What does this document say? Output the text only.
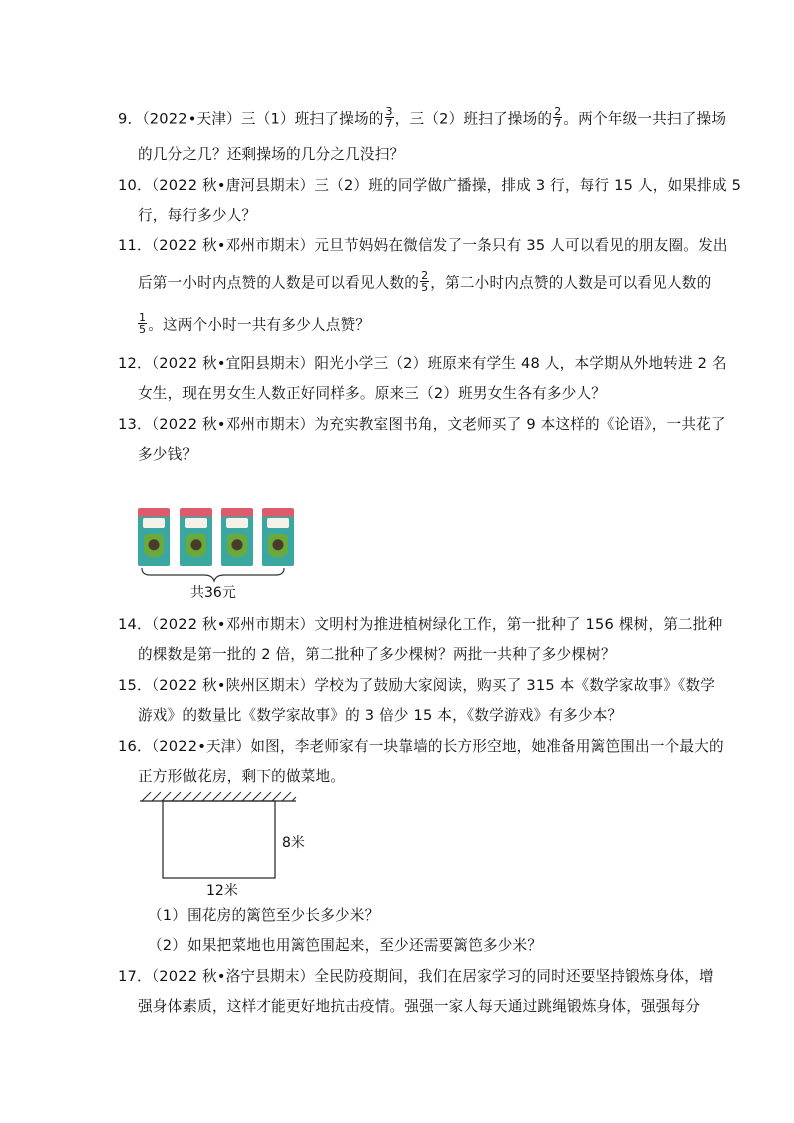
9．（2022•天津）三（1）班扫了操场的 $\frac{3}{7}$ ，三（2）班扫了操场的 $\frac{2}{7}$ 。两个年级一共扫了操场
的几分之几？还剩操场的几分之几没扫？
10．（2022 秋•唐河县期末）三（2）班的同学做广播操，排成 3 行，每行 15 人，如果排成 5
行，每行多少人？
11．（2022 秋•邓州市期末）元旦节妈妈在微信发了一条只有 35 人可以看见的朋友圈。发出
后第一小时内点赞的人数是可以看见人数的 $\frac{2}{5}$ ，第二小时内点赞的人数是可以看见人数的
$\frac{1}{5}$ 。这两个小时一共有多少人点赞？
12．（2022 秋•宜阳县期末）阳光小学三（2）班原来有学生 48 人，本学期从外地转进 2 名
女生，现在男女生人数正好同样多。原来三（2）班男女生各有多少人？
13．（2022 秋•邓州市期末）为充实教室图书角，文老师买了 9 本这样的《论语》，一共花了
多少钱？
共36元
14．（2022 秋•邓州市期末）文明村为推进植树绿化工作，第一批种了 156 棵树，第二批种
的棵数是第一批的 2 倍，第二批种了多少棵树？两批一共种了多少棵树？
15．（2022 秋•陕州区期末）学校为了鼓励大家阅读，购买了 315 本《数学家故事》《数学
游戏》的数量比《数学家故事》的 3 倍少 15 本，《数学游戏》有多少本？
16．（2022•天津）如图，李老师家有一块靠墙的长方形空地，她准备用篱笆围出一个最大的
正方形做花房，剩下的做菜地。
8米
12米
（1）围花房的篱笆至少长多少米？
（2）如果把菜地也用篱笆围起来，至少还需要篱笆多少米？
17．（2022 秋•洛宁县期末）全民防疫期间，我们在居家学习的同时还要坚持锻炼身体，增
强身体素质，这样才能更好地抗击疫情。强强一家人每天通过跳绳锻炼身体，强强每分
